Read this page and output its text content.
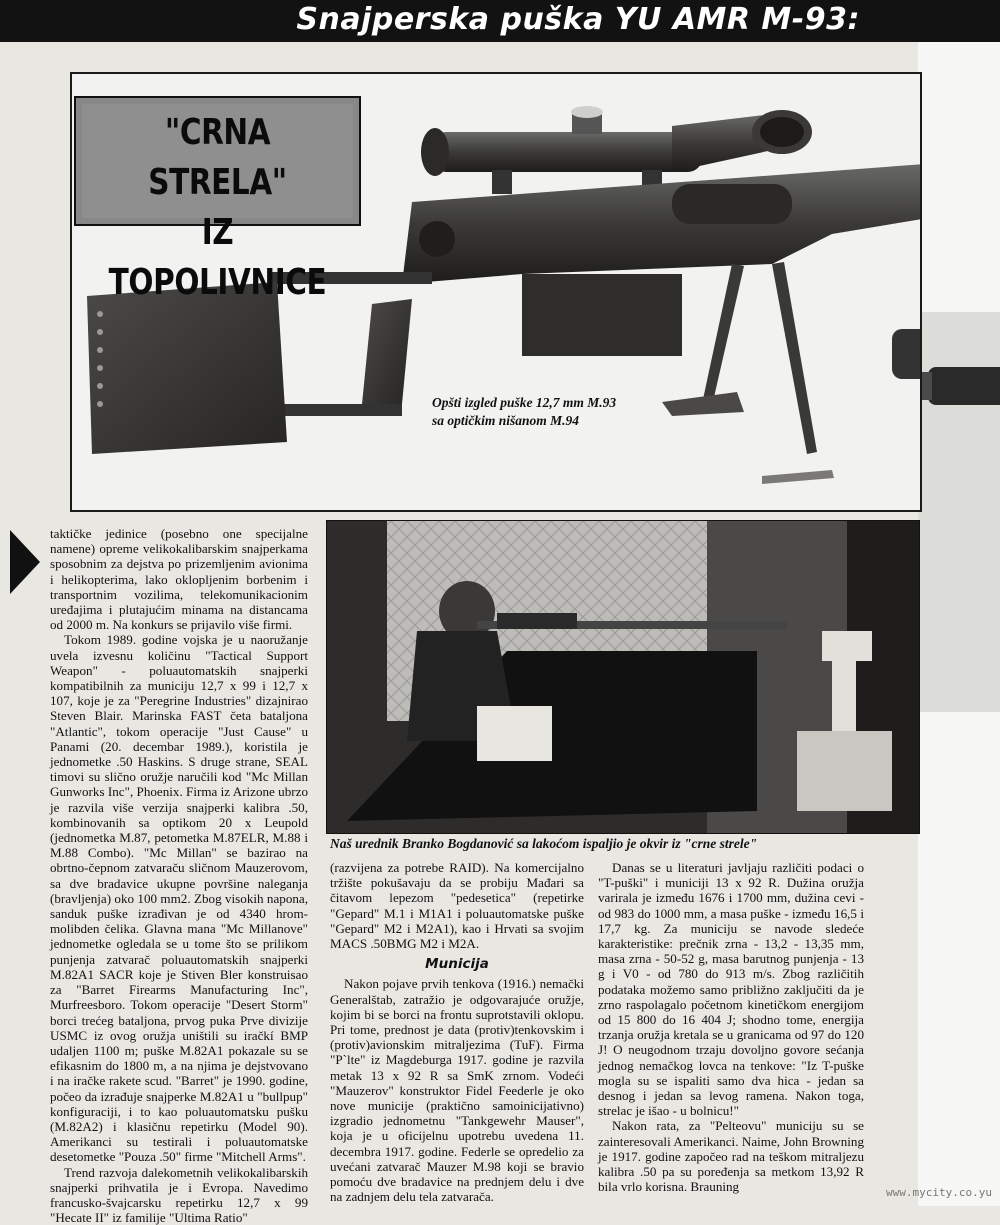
Snajperska puška YU AMR M-93:
"CRNA STRELA"
IZ TOPOLIVNICE
Opšti izgled puške 12,7 mm M.93
sa optičkim nišanom M.94

taktičke jedinice (posebno one specijalne namene) opreme velikokalibarskim snajperkama sposobnim za dejstva po prizemljenim avionima i helikopterima, lako oklopljenim borbenim i transportnim vozilima, telekomunikacionim uređajima i plutajućim minama na distancama od 2000 m. Na konkurs se prijavilo više firmi.

Tokom 1989. godine vojska je u naoružanje uvela izvesnu količinu "Tactical Support Weapon" - poluautomatskih snajperki kompatibilnih za municiju 12,7 x 99 i 12,7 x 107, koje je za "Peregrine Industries" dizajnirao Steven Blair. Marinska FAST četa bataljona "Atlantic", tokom operacije "Just Cause" u Panami (20. decembar 1989.), koristila je jednometke .50 Haskins. S druge strane, SEAL timovi su slično oružje naručili kod "Mc Millan Gunworks Inc", Phoenix. Firma iz Arizone ubrzo je razvila više verzija snajperki kalibra .50, kombinovanih sa optikom 20 x Leupold (jednometka M.87, petometka M.87ELR, M.88 i M.88 Combo). "Mc Millan" se bazirao na obrtno-čepnom zatvaraču sličnom Mauzerovom, sa dve bradavice ukupne površine naleganja (bravljenja) oko 100 mm2. Zbog visokih napona, sanduk puške izrađivan je od 4340 hrom-molibden čelika. Glavna mana "Mc Millanove" jednometke ogledala se u tome što se prilikom punjenja zatvarač poluautomatskih snajperki M.82A1 SACR koje je Stiven Bler konstruisao za "Barret Firearms Manufacturing Inc", Murfreesboro. Tokom operacije "Desert Storm" borci trećeg bataljona, prvog puka Prve divizije USMC iz ovog oružja uništili su iračkí BMP udaljen 1100 m; puške M.82A1 pokazale su se efikasnim do 1800 m, a na njima je dejstvovano i na iračke rakete scud. "Barret" je 1990. godine, počeo da izrađuje snajperke M.82A1 u "bullpup" konfiguraciji, i to kao poluautomatsku pušku (M.82A2) i klasičnu repetirku (Model 90). Amerikanci su testirali i poluautomatske desetometke "Pouza .50" firme "Mitchell Arms".

Trend razvoja dalekometnih velikokalibarskih snajperki prihvatila je i Evropa. Navedimo francusko-švajcarsku repetirku 12,7 x 99 "Hecate II" iz familije "Ultima Ratio"

Naš urednik Branko Bogdanović sa lakoćom ispaljio je okvir iz "crne strele"

(razvijena za potrebe RAID). Na komercijalno tržište pokušavaju da se probiju Mađari sa čitavom lepezom "pedesetica" (repetirke "Gepard" M.1 i M1A1 i poluautomatske puške "Gepard" M2 i M2A1), kao i Hrvati sa svojim MACS .50BMG M2 i M2A.

Municija

Nakon pojave prvih tenkova (1916.) nemački Generalštab, zatražio je odgovarajuće oružje, kojim bi se borci na frontu suprotstavili oklopu. Pri tome, prednost je data (protiv)tenkovskim i (protiv)avionskim mitraljezima (TuF). Firma "P`lte" iz Magdeburga 1917. godine je razvila metak 13 x 92 R sa SmK zrnom. Vodeći "Mauzerov" konstruktor Fidel Feederle je oko nove municije (praktično samoinicijativno) izgradio jednometnu "Tankgewehr Mauser", koja je u oficijelnu upotrebu uvedena 11. decembra 1917. godine. Federle se opredelio za uvećani zatvarač Mauzer M.98 koji se bravio pomoću dve bradavice na prednjem delu i dve na zadnjem delu tela zatvarača.

Danas se u literaturi javljaju različiti podaci o "T-puški" i municiji 13 x 92 R. Dužina oružja varirala je između 1676 i 1700 mm, dužina cevi - od 983 do 1000 mm, a masa puške - između 16,5 i 17,7 kg. Za municiju se navode sledeće karakteristike: prečnik zrna - 13,2 - 13,35 mm, masa zrna - 50-52 g, masa barutnog punjenja - 13 g i V0 - od 780 do 913 m/s. Zbog različitih podataka možemo samo približno zaključiti da je zrno raspolagalo početnom kinetičkom energijom od 15 800 do 16 404 J; shodno tome, energija trzanja oružja kretala se u granicama od 97 do 120 J! O neugodnom trzaju dovoljno govore sećanja jednog nemačkog lovca na tenkove: "Iz T-puške mogla su se ispaliti samo dva hica - jedan sa desnog i jedan sa levog ramena. Nakon toga, strelac je išao - u bolnicu!"

Nakon rata, za "Pelteovu" municiju su se zainteresovali Amerikanci. Naime, John Browning je 1917. godine započeo rad na teškom mitraljezu kalibra .50 pa su poređenja sa metkom 13,92 R bila vrlo korisna. Brauning	www.mycity.co.yu
